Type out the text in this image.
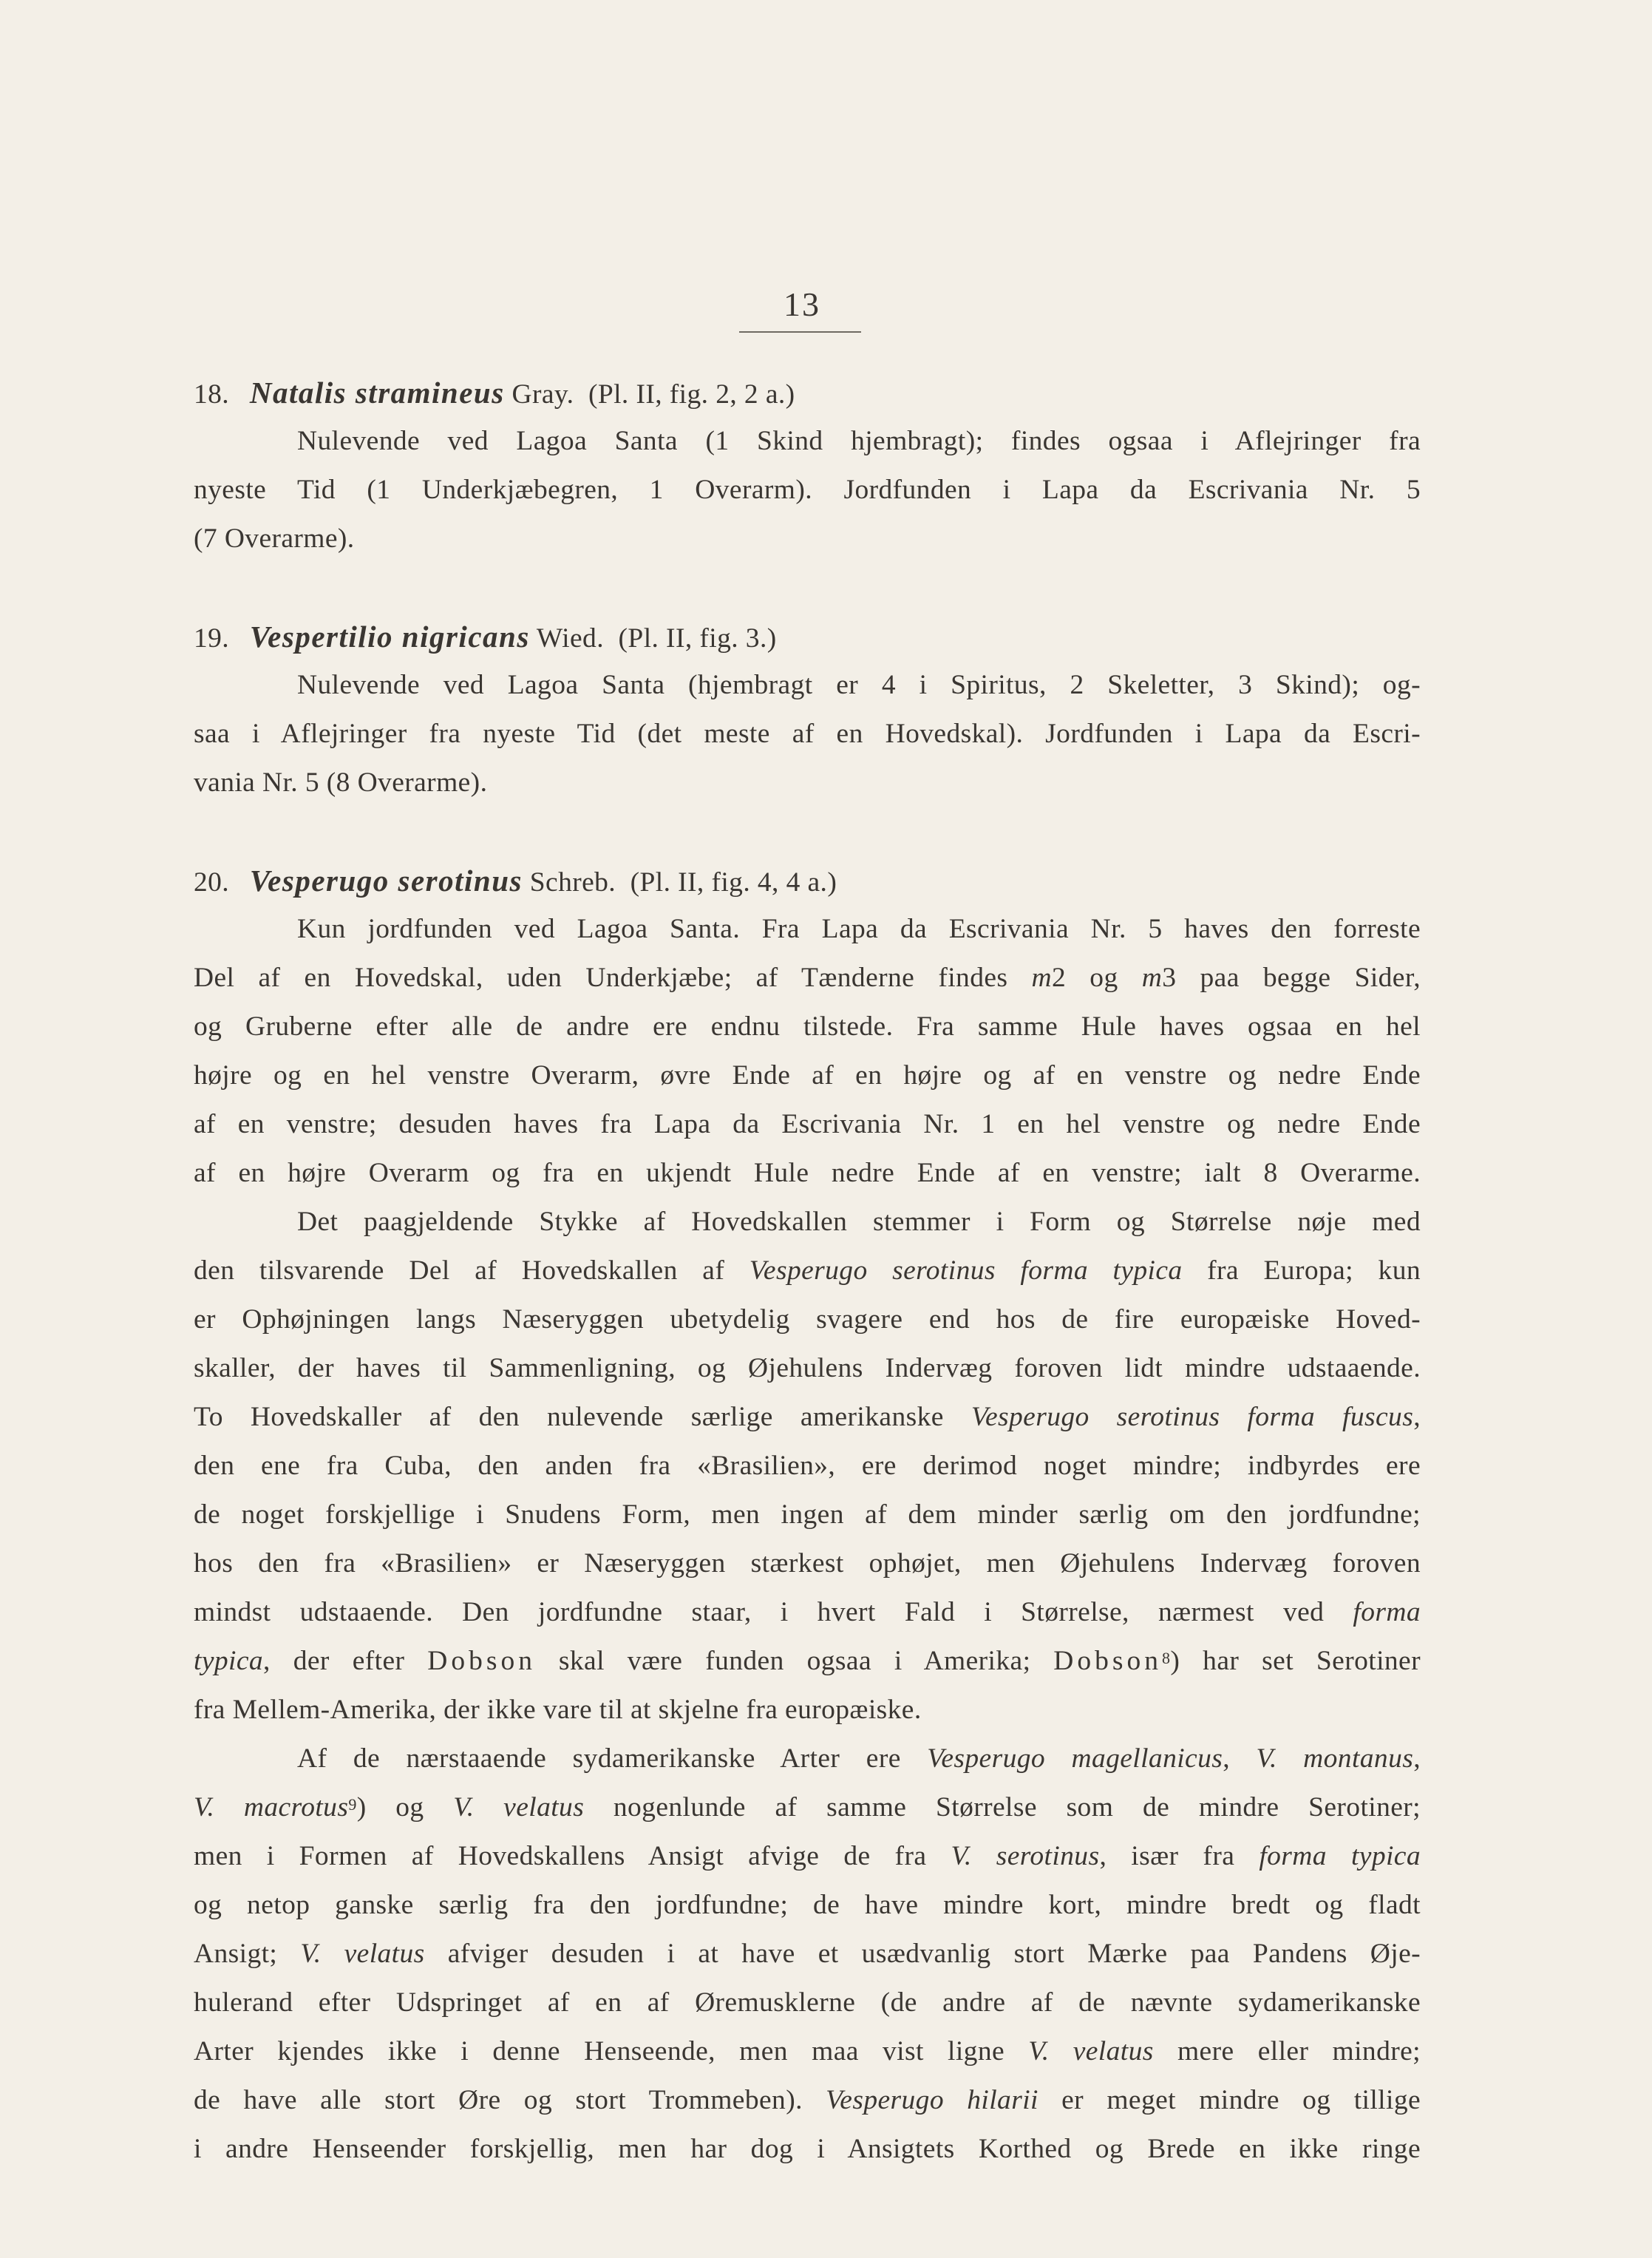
13
18. Natalis stramineus Gray. (Pl. II, fig. 2, 2 a.)
Nulevende ved Lagoa Santa (1 Skind hjembragt); findes ogsaa i Aflejringer fra
nyeste Tid (1 Underkjæbegren, 1 Overarm). Jordfunden i Lapa da Escrivania Nr. 5
(7 Overarme).
19. Vespertilio nigricans Wied. (Pl. II, fig. 3.)
Nulevende ved Lagoa Santa (hjembragt er 4 i Spiritus, 2 Skeletter, 3 Skind); og-
saa i Aflejringer fra nyeste Tid (det meste af en Hovedskal). Jordfunden i Lapa da Escri-
vania Nr. 5 (8 Overarme).
20. Vesperugo serotinus Schreb. (Pl. II, fig. 4, 4 a.)
Kun jordfunden ved Lagoa Santa. Fra Lapa da Escrivania Nr. 5 haves den forreste
Del af en Hovedskal, uden Underkjæbe; af Tænderne findes m2 og m3 paa begge Sider,
og Gruberne efter alle de andre ere endnu tilstede. Fra samme Hule haves ogsaa en hel
højre og en hel venstre Overarm, øvre Ende af en højre og af en venstre og nedre Ende
af en venstre; desuden haves fra Lapa da Escrivania Nr. 1 en hel venstre og nedre Ende
af en højre Overarm og fra en ukjendt Hule nedre Ende af en venstre; ialt 8 Overarme.
Det paagjeldende Stykke af Hovedskallen stemmer i Form og Størrelse nøje med
den tilsvarende Del af Hovedskallen af Vesperugo serotinus forma typica fra Europa; kun
er Ophøjningen langs Næseryggen ubetydelig svagere end hos de fire europæiske Hoved-
skaller, der haves til Sammenligning, og Øjehulens Indervæg foroven lidt mindre udstaaende.
To Hovedskaller af den nulevende særlige amerikanske Vesperugo serotinus forma fuscus,
den ene fra Cuba, den anden fra «Brasilien», ere derimod noget mindre; indbyrdes ere
de noget forskjellige i Snudens Form, men ingen af dem minder særlig om den jordfundne;
hos den fra «Brasilien» er Næseryggen stærkest ophøjet, men Øjehulens Indervæg foroven
mindst udstaaende. Den jordfundne staar, i hvert Fald i Størrelse, nærmest ved forma
typica, der efter Dobson skal være funden ogsaa i Amerika; Dobson$^8$) har set Serotiner
fra Mellem-Amerika, der ikke vare til at skjelne fra europæiske.
Af de nærstaaende sydamerikanske Arter ere Vesperugo magellanicus, V. montanus,
V. macrotus$^9$) og V. velatus nogenlunde af samme Størrelse som de mindre Serotiner;
men i Formen af Hovedskallens Ansigt afvige de fra V. serotinus, især fra forma typica
og netop ganske særlig fra den jordfundne; de have mindre kort, mindre bredt og fladt
Ansigt; V. velatus afviger desuden i at have et usædvanlig stort Mærke paa Pandens Øje-
hulerand efter Udspringet af en af Øremusklerne (de andre af de nævnte sydamerikanske
Arter kjendes ikke i denne Henseende, men maa vist ligne V. velatus mere eller mindre;
de have alle stort Øre og stort Trommeben). Vesperugo hilarii er meget mindre og tillige
i andre Henseender forskjellig, men har dog i Ansigtets Korthed og Brede en ikke ringe
